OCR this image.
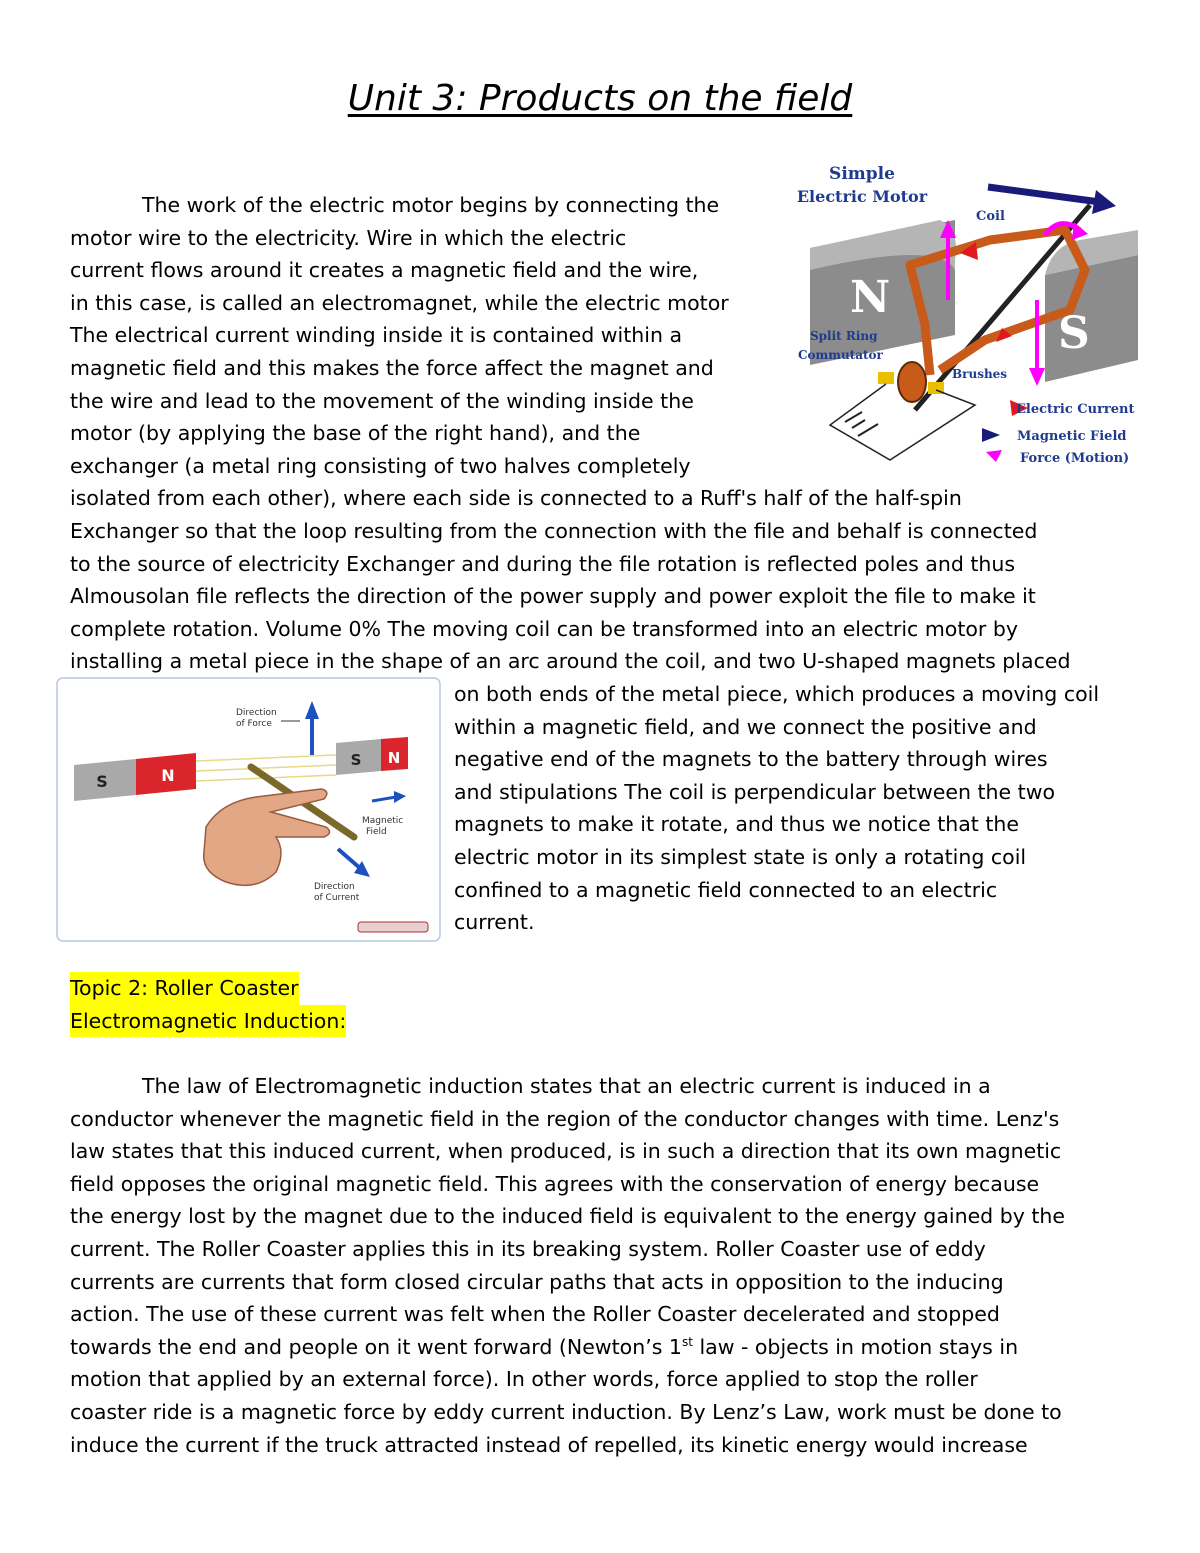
Unit 3: Products on the field
The work of the electric motor begins by connecting the
motor wire to the electricity. Wire in which the electric
current flows around it creates a magnetic field and the wire,
in this case, is called an electromagnet, while the electric motor
The electrical current winding inside it is contained within a
magnetic field and this makes the force affect the magnet and
the wire and lead to the movement of the winding inside the
motor (by applying the base of the right hand), and the
exchanger (a metal ring consisting of two halves completely
isolated from each other), where each side is connected to a Ruff's half of the half-spin
Exchanger so that the loop resulting from the connection with the file and behalf is connected
to the source of electricity Exchanger and during the file rotation is reflected poles and thus
Almousolan file reflects the direction of the power supply and power exploit the file to make it
complete rotation. Volume 0% The moving coil can be transformed into an electric motor by
installing a metal piece in the shape of an arc around the coil, and two U-shaped magnets placed
Simple
Electric Motor
Coil
N
S
Split Ring
Commutator
Brushes
Electric Current
Magnetic Field
Force (Motion)
S	N
S N
Direction
of Force
Magnetic
Field
Direction
of Current
on both ends of the metal piece, which produces a moving coil
within a magnetic field, and we connect the positive and
negative end of the magnets to the battery through wires
and stipulations The coil is perpendicular between the two
magnets to make it rotate, and thus we notice that the
electric motor in its simplest state is only a rotating coil
confined to a magnetic field connected to an electric
current.
Topic 2: Roller Coaster
Electromagnetic Induction:
The law of Electromagnetic induction states that an electric current is induced in a
conductor whenever the magnetic field in the region of the conductor changes with time. Lenz's
law states that this induced current, when produced, is in such a direction that its own magnetic
field opposes the original magnetic field. This agrees with the conservation of energy because
the energy lost by the magnet due to the induced field is equivalent to the energy gained by the
current. The Roller Coaster applies this in its breaking system. Roller Coaster use of eddy
currents are currents that form closed circular paths that acts in opposition to the inducing
action. The use of these current was felt when the Roller Coaster decelerated and stopped
towards the end and people on it went forward (Newton’s 1st law - objects in motion stays in
motion that applied by an external force). In other words, force applied to stop the roller
coaster ride is a magnetic force by eddy current induction. By Lenz’s Law, work must be done to
induce the current if the truck attracted instead of repelled, its kinetic energy would increase
